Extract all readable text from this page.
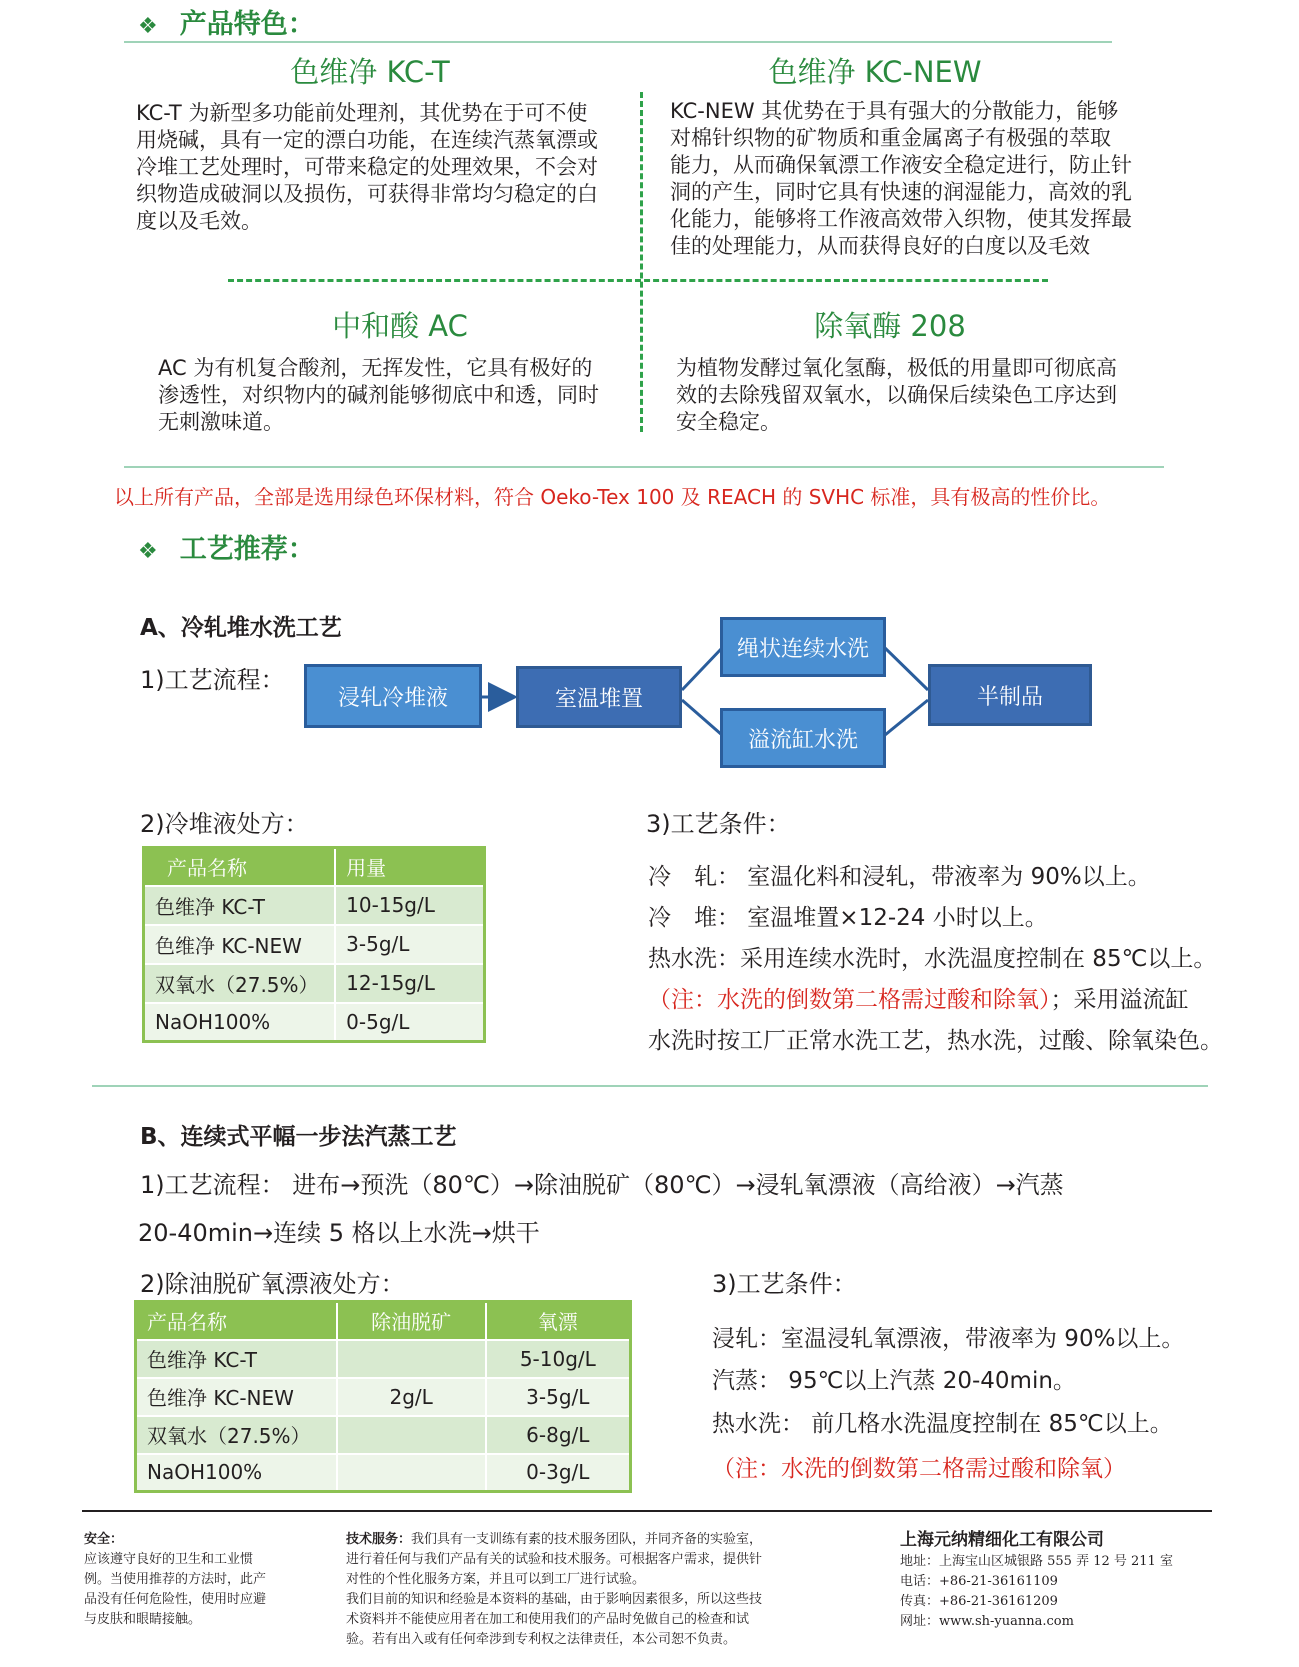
❖ 产品特色：
色维净 KC-T	色维净 KC-NEW
KC-T 为新型多功能前处理剂，其优势在于可不使
用烧碱，具有一定的漂白功能，在连续汽蒸氧漂或
冷堆工艺处理时，可带来稳定的处理效果，不会对
织物造成破洞以及损伤，可获得非常均匀稳定的白
度以及毛效。
KC-NEW 其优势在于具有强大的分散能力，能够
对棉针织物的矿物质和重金属离子有极强的萃取
能力，从而确保氧漂工作液安全稳定进行，防止针
洞的产生，同时它具有快速的润湿能力，高效的乳
化能力，能够将工作液高效带入织物，使其发挥最
佳的处理能力，从而获得良好的白度以及毛效
中和酸 AC	除氧酶 208
AC 为有机复合酸剂，无挥发性，它具有极好的
渗透性，对织物内的碱剂能够彻底中和透，同时
无刺激味道。
为植物发酵过氧化氢酶，极低的用量即可彻底高
效的去除残留双氧水，以确保后续染色工序达到
安全稳定。
以上所有产品，全部是选用绿色环保材料，符合 Oeko-Tex 100 及 REACH 的 SVHC 标准，具有极高的性价比。
❖ 工艺推荐：
A、冷轧堆水洗工艺
1)工艺流程：
浸轧冷堆液	室温堆置
绳状连续水洗
溢流缸水洗
半制品
2)冷堆液处方：	3)工艺条件：
产品名称	用量
色维净 KC-T	10-15g/L
色维净 KC-NEW	3-5g/L
双氧水（27.5%）	12-15g/L
NaOH100%	0-5g/L
冷　轧： 室温化料和浸轧，带液率为 90%以上。
冷　堆： 室温堆置×12-24 小时以上。
热水洗：采用连续水洗时，水洗温度控制在 85℃以上。
（注：水洗的倒数第二格需过酸和除氧）；采用溢流缸
水洗时按工厂正常水洗工艺，热水洗，过酸、除氧染色。
B、连续式平幅一步法汽蒸工艺
1)工艺流程： 进布→预洗（80℃）→除油脱矿（80℃）→浸轧氧漂液（高给液）→汽蒸
20-40min→连续 5 格以上水洗→烘干
2)除油脱矿氧漂液处方：	3)工艺条件：
产品名称	除油脱矿	氧漂
色维净 KC-T		5-10g/L
色维净 KC-NEW	2g/L	3-5g/L
双氧水（27.5%）		6-8g/L
NaOH100%		0-3g/L
浸轧：室温浸轧氧漂液，带液率为 90%以上。
汽蒸： 95℃以上汽蒸 20-40min。
热水洗： 前几格水洗温度控制在 85℃以上。
（注：水洗的倒数第二格需过酸和除氧）
安全：
应该遵守良好的卫生和工业惯
例。当使用推荐的方法时，此产
品没有任何危险性，使用时应避
与皮肤和眼睛接触。
技术服务：我们具有一支训练有素的技术服务团队，并同齐备的实验室，
进行着任何与我们产品有关的试验和技术服务。可根据客户需求，提供针
对性的个性化服务方案，并且可以到工厂进行试验。
我们目前的知识和经验是本资料的基础，由于影响因素很多，所以这些技
术资料并不能使应用者在加工和使用我们的产品时免做自己的检查和试
验。若有出入或有任何牵涉到专利权之法律责任，本公司恕不负责。
上海元纳精细化工有限公司
地址：上海宝山区城银路 555 弄 12 号 211 室
电话：+86-21-36161109
传真：+86-21-36161209
网址：www.sh-yuanna.com
